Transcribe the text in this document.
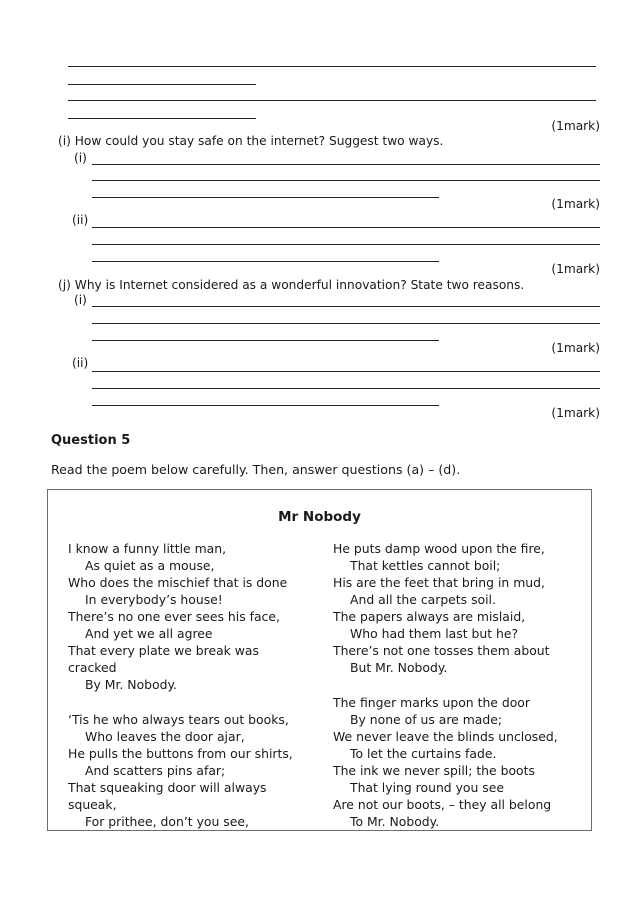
(1mark)
(i) How could you stay safe on the internet? Suggest two ways.
(i)
(1mark)
(ii)
(1mark)
(j) Why is Internet considered as a wonderful innovation? State two reasons.
(i)
(1mark)
(ii)
(1mark)
Question 5
Read the poem below carefully. Then, answer questions (a) – (d).
Mr Nobody
I know a funny little man,
As quiet as a mouse,
Who does the mischief that is done
In everybody’s house!
There’s no one ever sees his face,
And yet we all agree
That every plate we break was
cracked
By Mr. Nobody.
‘Tis he who always tears out books,
Who leaves the door ajar,
He pulls the buttons from our shirts,
And scatters pins afar;
That squeaking door will always
squeak,
For prithee, don’t you see,
He puts damp wood upon the fire,
That kettles cannot boil;
His are the feet that bring in mud,
And all the carpets soil.
The papers always are mislaid,
Who had them last but he?
There’s not one tosses them about
But Mr. Nobody.
The finger marks upon the door
By none of us are made;
We never leave the blinds unclosed,
To let the curtains fade.
The ink we never spill; the boots
That lying round you see
Are not our boots, – they all belong
To Mr. Nobody.
